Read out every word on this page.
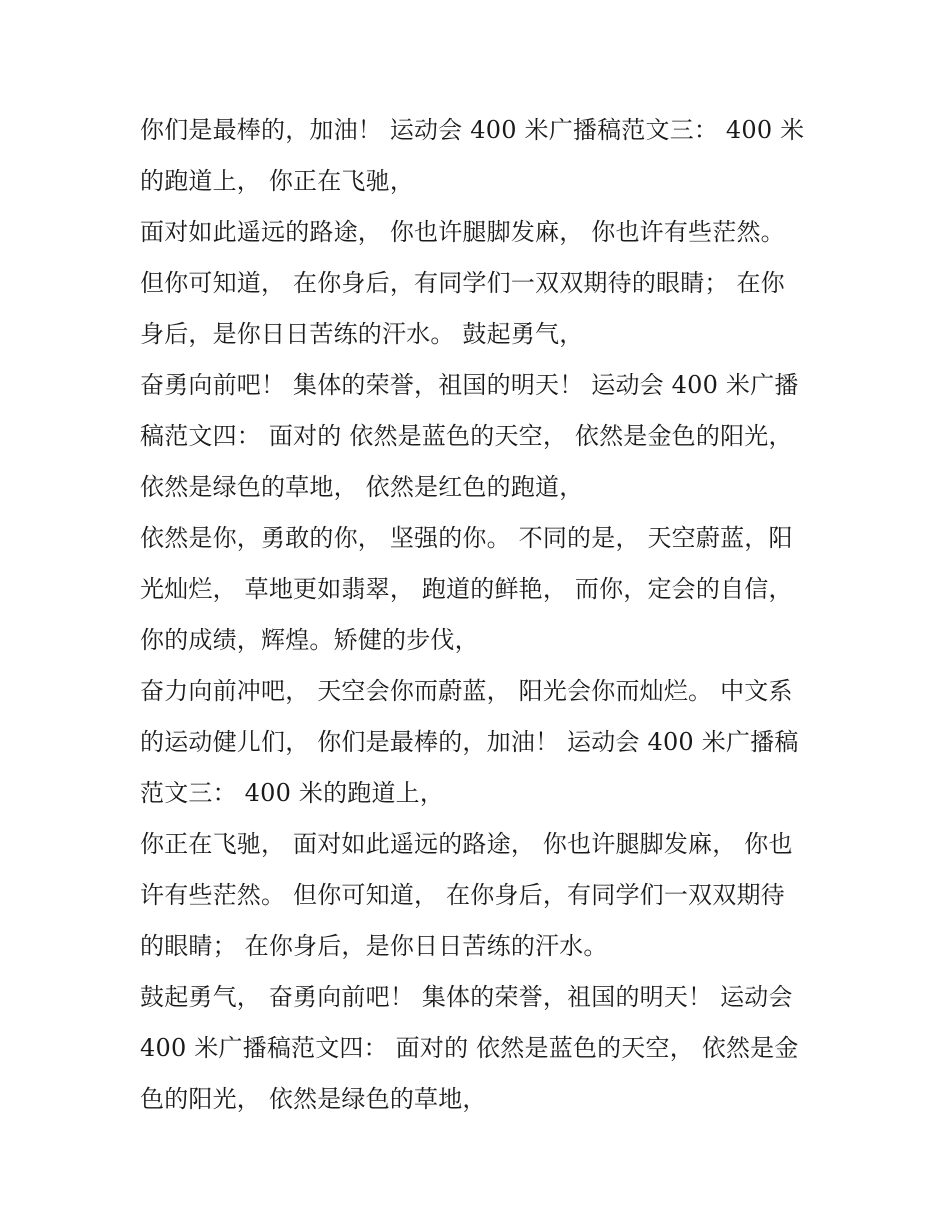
你们是最棒的，加油！ 运动会 400 米广播稿范文三： 400 米
的跑道上， 你正在飞驰，
面对如此遥远的路途， 你也许腿脚发麻， 你也许有些茫然。
但你可知道， 在你身后，有同学们一双双期待的眼睛； 在你
身后，是你日日苦练的汗水。 鼓起勇气，
奋勇向前吧！ 集体的荣誉，祖国的明天！ 运动会 400 米广播
稿范文四： 面对的 依然是蓝色的天空， 依然是金色的阳光，
依然是绿色的草地， 依然是红色的跑道，
依然是你，勇敢的你， 坚强的你。 不同的是， 天空蔚蓝，阳
光灿烂， 草地更如翡翠， 跑道的鲜艳， 而你，定会的自信，
你的成绩，辉煌。矫健的步伐，
奋力向前冲吧， 天空会你而蔚蓝， 阳光会你而灿烂。 中文系
的运动健儿们， 你们是最棒的，加油！ 运动会 400 米广播稿
范文三： 400 米的跑道上，
你正在飞驰， 面对如此遥远的路途， 你也许腿脚发麻， 你也
许有些茫然。 但你可知道， 在你身后，有同学们一双双期待
的眼睛； 在你身后，是你日日苦练的汗水。
鼓起勇气， 奋勇向前吧！ 集体的荣誉，祖国的明天！ 运动会
400 米广播稿范文四： 面对的 依然是蓝色的天空， 依然是金
色的阳光， 依然是绿色的草地，
